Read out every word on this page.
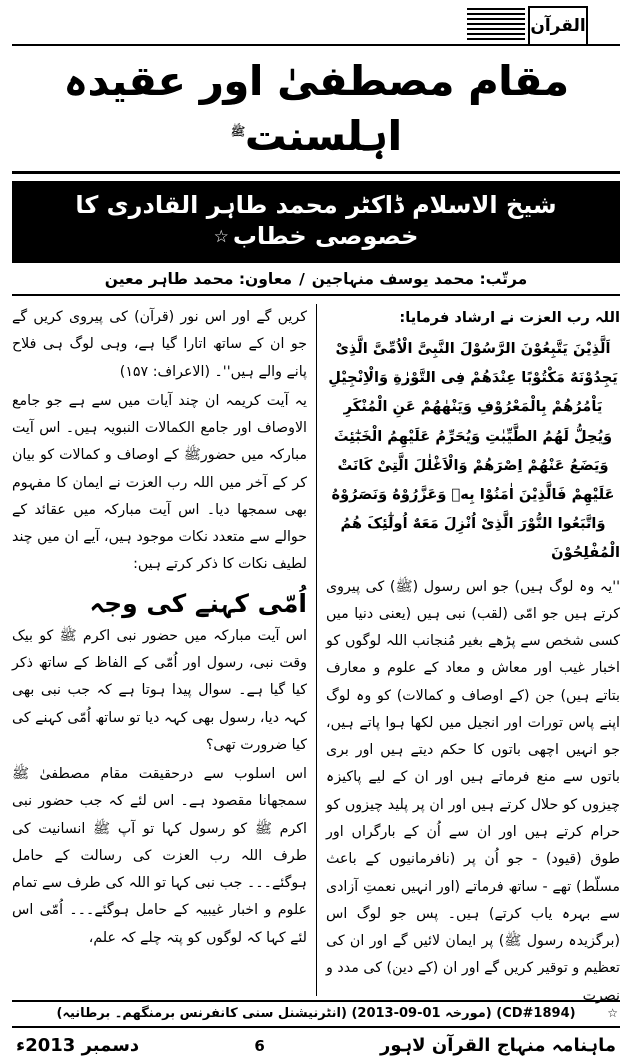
القرآن
مقام مصطفیٰ اور عقیدہ اہلسنت$^ﷺ$
شیخ الاسلام ڈاکٹر محمد طاہر القادری کا خصوصی خطاب☆
مرتّب: محمد یوسف منہاجین/معاون: محمد طاہر معین

اللہ رب العزت نے ارشاد فرمایا:

اَلَّذِیْنَ یَتَّبِعُوْنَ الرَّسُوْلَ النَّبِیَّ الْاُمِّیَّ الَّذِیْ یَجِدُوْنَهٌ مَکْتُوْبًا عِنْدَهُمْ فِی التَّوْرٰةِ وَالْاِنْجِیْلِ یَاْمُرُهُمْ بِالْمَعْرُوْفِ وَیَنْهٰهُمْ عَنِ الْمُنْکَرِ وَیُحِلُّ لَهُمُ الطَّیِّبٰتِ وَیُحَرِّمُ عَلَیْهِمُ الْخَبٰٓئِثَ وَیَضَعُ عَنْهُمْ اِصْرَهُمْ وَالْاَغْلٰلَ الَّتِیْ کَانَتْ عَلَیْهِمْ فَالَّذِیْنَ اٰمَنُوْا بِهٖ وَعَزَّرُوْهُ وَنَصَرُوْهُ وَاتَّبَعُوا النُّوْرَ الَّذِیْ اُنْزِلَ مَعَهٌ اُولٰٓئِکَ هُمُ الْمُفْلِحُوْنَ

''یہ وہ لوگ ہیں) جو اس رسول (ﷺ) کی پیروی کرتے ہیں جو امّی (لقب) نبی ہیں (یعنی دنیا میں کسی شخص سے پڑھے بغیر مُنجانب اللہ لوگوں کو اخبار غیب اور معاش و معاد کے علوم و معارف بتاتے ہیں) جن (کے اوصاف و کمالات) کو وہ لوگ اپنے پاس تورات اور انجیل میں لکھا ہوا پاتے ہیں، جو انہیں اچھی باتوں کا حکم دیتے ہیں اور بری باتوں سے منع فرماتے ہیں اور ان کے لیے پاکیزہ چیزوں کو حلال کرتے ہیں اور ان پر پلید چیزوں کو حرام کرتے ہیں اور ان سے اُن کے بارگراں اور طوق (قیود) - جو اُن پر (نافرمانیوں کے باعث مسلّط) تھے - ساتھ فرماتے (اور انہیں نعمتِ آزادی سے بہرہ یاب کرتے) ہیں۔ پس جو لوگ اس (برگزیدہ رسول ﷺ) پر ایمان لائیں گے اور ان کی تعظیم و توقیر کریں گے اور ان (کے دین) کی مدد و نصرت

کریں گے اور اس نور (قرآن) کی پیروی کریں گے جو ان کے ساتھ اتارا گیا ہے، وہی لوگ ہی فلاح پانے والے ہیں''۔ (الاعراف: ۱۵۷)

یہ آیت کریمہ ان چند آیات میں سے ہے جو جامع الاوصاف اور جامع الکمالات النبویہ ہیں۔ اس آیت مبارکہ میں حضورﷺ کے اوصاف و کمالات کو بیان کر کے آخر میں اللہ رب العزت نے ایمان کا مفہوم بھی سمجھا دیا۔ اس آیت مبارکہ میں عقائد کے حوالے سے متعدد نکات موجود ہیں، آیے ان میں چند لطیف نکات کا ذکر کرتے ہیں:

اُمّی کہنے کی وجہ

اس آیت مبارکہ میں حضور نبی اکرم ﷺ کو بیک وقت نبی، رسول اور اُمّی کے الفاظ کے ساتھ ذکر کیا گیا ہے۔ سوال پیدا ہوتا ہے کہ جب نبی بھی کہہ دیا، رسول بھی کہہ دیا تو ساتھ اُمّی کہنے کی کیا ضرورت تھی؟

اس اسلوب سے درحقیقت مقام مصطفیٰ ﷺ سمجھانا مقصود ہے۔ اس لئے کہ جب حضور نبی اکرم ﷺ کو رسول کہا تو آپ ﷺ انسانیت کی طرف اللہ رب العزت کی رسالت کے حامل ہوگئے۔۔۔ جب نبی کہا تو اللہ کی طرف سے تمام علوم و اخبار غیبیہ کے حامل ہوگئے۔۔۔ اُمّی اس لئے کہا کہ لوگوں کو پتہ چلے کہ علم،

☆
(CD#1894) (مورخہ 01-09-2013) (انٹرنیشنل سنی کانفرنس برمنگھم۔ برطانیہ)
ماہنامہ منہاج القرآن لاہور
6
دسمبر 2013ء
